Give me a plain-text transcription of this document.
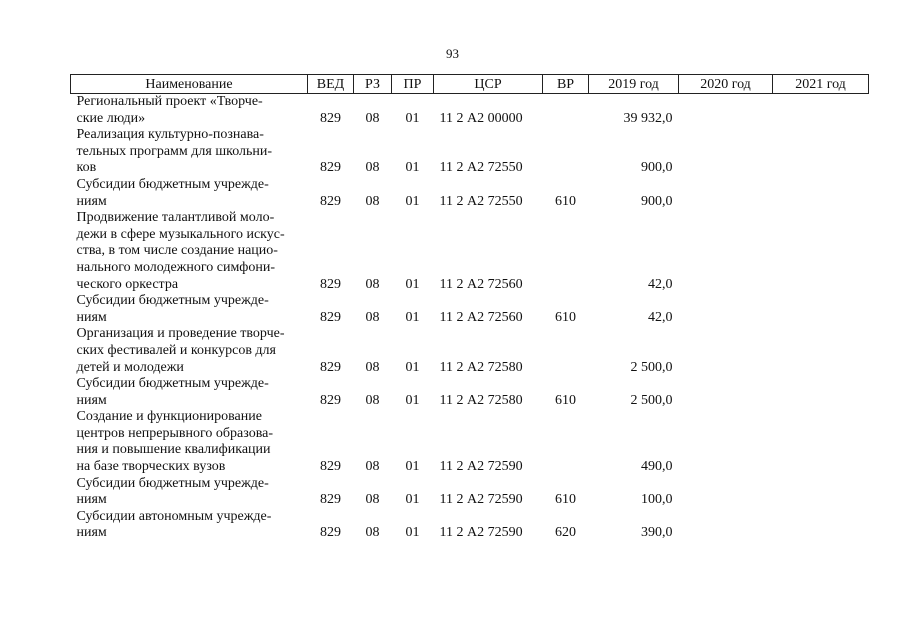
93
Наименование	ВЕД	РЗ	ПР	ЦСР	ВР	2019 год	2020 год	2021 год

Региональный проект «Творче-
ские люди»	829	08	01	11 2 А2 00000		39 932,0		

Реализация культурно-познава-
тельных программ для школьни-
ков	829	08	01	11 2 А2 72550		900,0		

Субсидии бюджетным учрежде-
ниям	829	08	01	11 2 А2 72550	610	900,0		

Продвижение талантливой моло-
дежи в сфере музыкального искус-
ства, в том числе создание нацио-
нального молодежного симфони-
ческого оркестра	829	08	01	11 2 А2 72560		42,0		

Субсидии бюджетным учрежде-
ниям	829	08	01	11 2 А2 72560	610	42,0		

Организация и проведение творче-
ских фестивалей и конкурсов для
детей и молодежи	829	08	01	11 2 А2 72580		2 500,0		

Субсидии бюджетным учрежде-
ниям	829	08	01	11 2 А2 72580	610	2 500,0		

Создание и функционирование
центров непрерывного образова-
ния и повышение квалификации
на базе творческих вузов	829	08	01	11 2 А2 72590		490,0		

Субсидии бюджетным учрежде-
ниям	829	08	01	11 2 А2 72590	610	100,0		

Субсидии автономным учрежде-
ниям	829	08	01	11 2 А2 72590	620	390,0		
